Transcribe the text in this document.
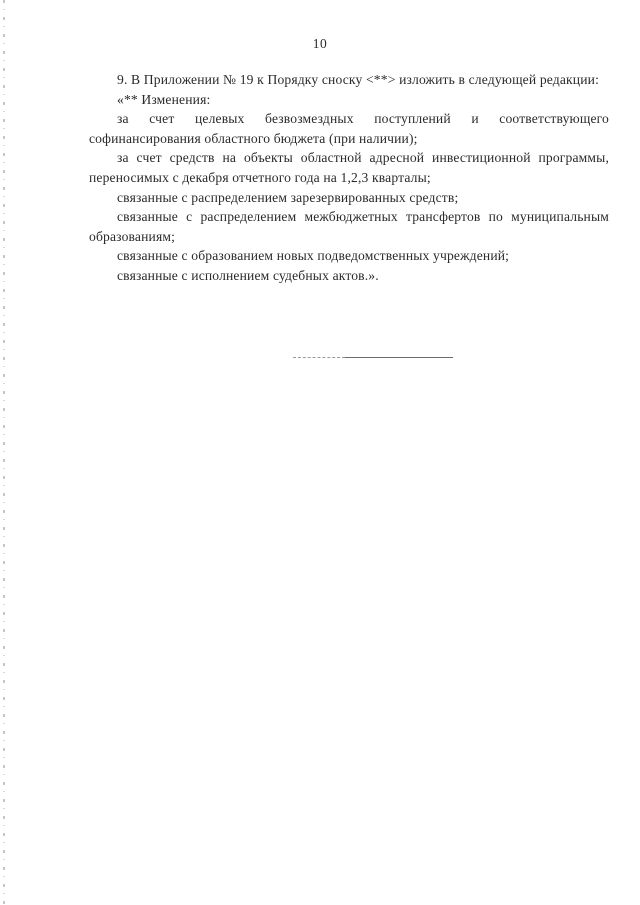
10

9. В Приложении № 19 к Порядку сноску <**> изложить в следующей редакции:

«** Изменения:

за счет целевых безвозмездных поступлений и соответствующего софинансирования областного бюджета (при наличии);

за счет средств на объекты областной адресной инвестиционной программы, переносимых с декабря отчетного года на 1,2,3 кварталы;

связанные с распределением зарезервированных средств;

связанные с распределением межбюджетных трансфертов по муниципальным образованиям;

связанные с образованием новых подведомственных учреждений;

связанные с исполнением судебных актов.».
